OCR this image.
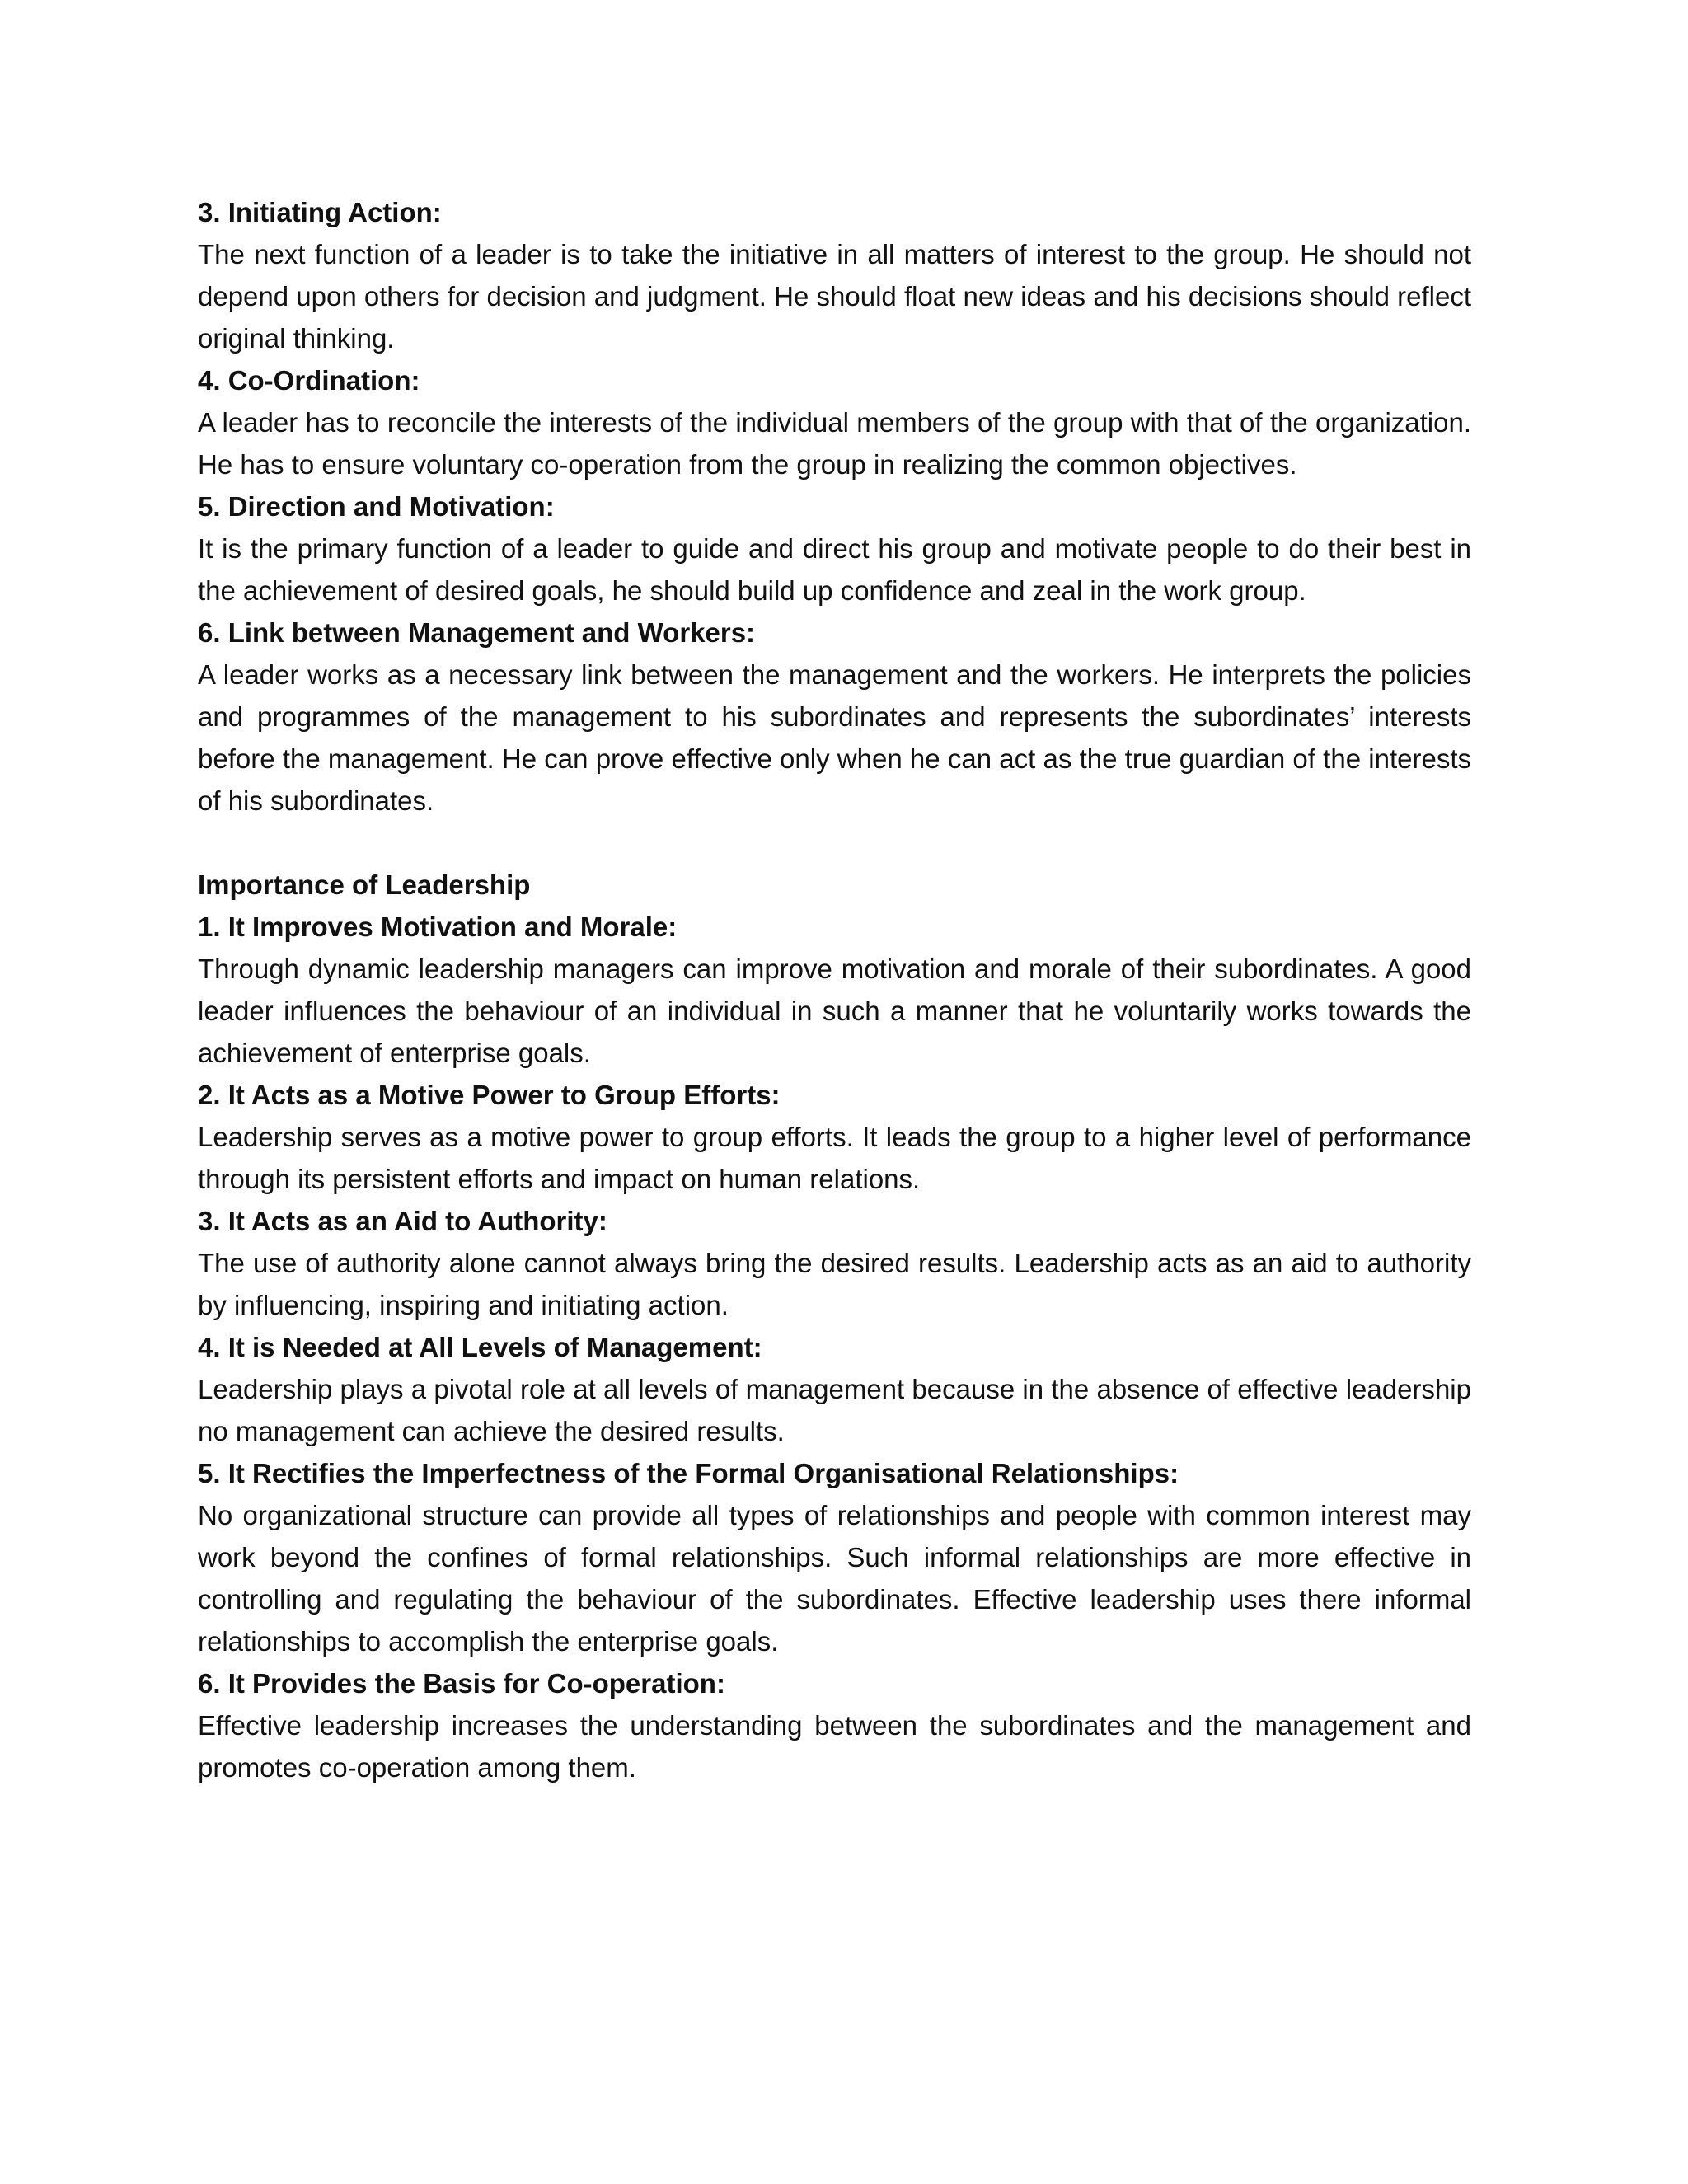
3. Initiating Action:

The next function of a leader is to take the initiative in all matters of interest to the group. He should not depend upon others for decision and judgment. He should float new ideas and his decisions should reflect original thinking.

4. Co-Ordination:

A leader has to reconcile the interests of the individual members of the group with that of the organization. He has to ensure voluntary co-operation from the group in realizing the common objectives.

5. Direction and Motivation:

It is the primary function of a leader to guide and direct his group and motivate people to do their best in the achievement of desired goals, he should build up confidence and zeal in the work group.

6. Link between Management and Workers:

A leader works as a necessary link between the management and the workers. He interprets the policies and programmes of the management to his subordinates and represents the subordinates’ interests before the management. He can prove effective only when he can act as the true guardian of the interests of his subordinates.

Importance of Leadership

1. It Improves Motivation and Morale:

Through dynamic leadership managers can improve motivation and morale of their subordinates. A good leader influences the behaviour of an individual in such a manner that he voluntarily works towards the achievement of enterprise goals.

2. It Acts as a Motive Power to Group Efforts:

Leadership serves as a motive power to group efforts. It leads the group to a higher level of performance through its persistent efforts and impact on human relations.

3. It Acts as an Aid to Authority:

The use of authority alone cannot always bring the desired results. Leadership acts as an aid to authority by influencing, inspiring and initiating action.

4. It is Needed at All Levels of Management:

Leadership plays a pivotal role at all levels of management because in the absence of effective leadership no management can achieve the desired results.

5. It Rectifies the Imperfectness of the Formal Organisational Relationships:

No organizational structure can provide all types of relationships and people with common interest may work beyond the confines of formal relationships. Such informal relationships are more effective in controlling and regulating the behaviour of the subordinates. Effective leadership uses there informal relationships to accomplish the enterprise goals.

6. It Provides the Basis for Co-operation:

Effective leadership increases the understanding between the subordinates and the management and promotes co-operation among them.
